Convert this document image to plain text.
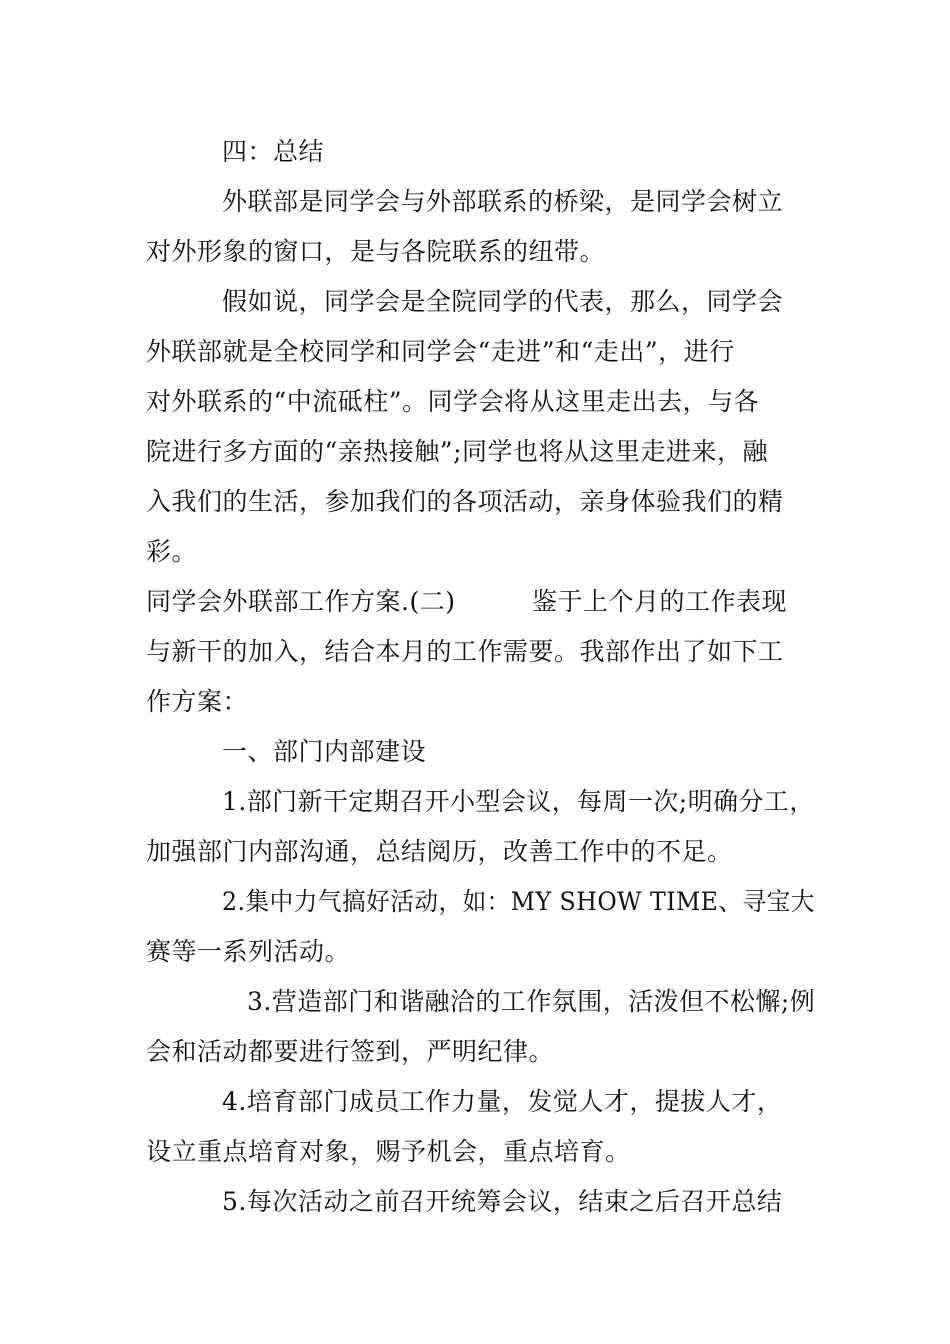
四：总结
外联部是同学会与外部联系的桥梁，是同学会树立
对外形象的窗口，是与各院联系的纽带。
假如说，同学会是全院同学的代表，那么，同学会
外联部就是全校同学和同学会“走进”和“走出”，进行
对外联系的“中流砥柱”。同学会将从这里走出去，与各
院进行多方面的“亲热接触”;同学也将从这里走进来，融
入我们的生活，参加我们的各项活动，亲身体验我们的精
彩。
同学会外联部工作方案.(二)　　　鉴于上个月的工作表现
与新干的加入，结合本月的工作需要。我部作出了如下工
作方案：
一、部门内部建设
1.部门新干定期召开小型会议，每周一次;明确分工，
加强部门内部沟通，总结阅历，改善工作中的不足。
2.集中力气搞好活动，如：MY SHOW TIME、寻宝大
赛等一系列活动。
3.营造部门和谐融洽的工作氛围，活泼但不松懈;例
会和活动都要进行签到，严明纪律。
4.培育部门成员工作力量，发觉人才，提拔人才，
设立重点培育对象，赐予机会，重点培育。
5.每次活动之前召开统筹会议，结束之后召开总结
